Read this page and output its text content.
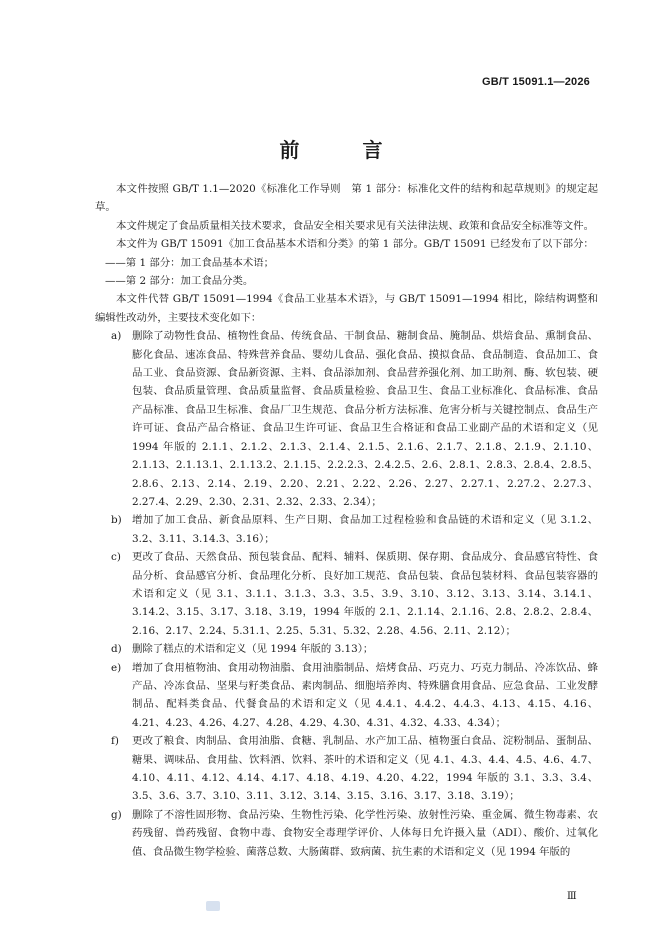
GB/T 15091.1—2026
前 言

本文件按照 GB/T 1.1—2020《标准化工作导则　第 1 部分：标准化文件的结构和起草规则》的规定起草。

本文件规定了食品质量相关技术要求，食品安全相关要求见有关法律法规、政策和食品安全标准等文件。

本文件为 GB/T 15091《加工食品基本术语和分类》的第 1 部分。GB/T 15091 已经发布了以下部分：

——第 1 部分：加工食品基本术语；

——第 2 部分：加工食品分类。

本文件代替 GB/T 15091—1994《食品工业基本术语》，与 GB/T 15091—1994 相比，除结构调整和编辑性改动外，主要技术变化如下：

a) 删除了动物性食品、植物性食品、传统食品、干制食品、糖制食品、腌制品、烘焙食品、熏制食品、膨化食品、速冻食品、特殊营养食品、婴幼儿食品、强化食品、摸拟食品、食品制造、食品加工、食品工业、食品资源、食品新资源、主料、食品添加剂、食品营养强化剂、加工助剂、酶、软包装、硬包装、食品质量管理、食品质量监督、食品质量检验、食品卫生、食品工业标准化、食品标准、食品产品标准、食品卫生标准、食品厂卫生规范、食品分析方法标准、危害分析与关键控制点、食品生产许可证、食品产品合格证、食品卫生许可证、食品卫生合格证和食品工业副产品的术语和定义（见 1994 年版的 2.1.1、2.1.2、2.1.3、2.1.4、2.1.5、2.1.6、2.1.7、2.1.8、2.1.9、2.1.10、2.1.13、2.1.13.1、2.1.13.2、2.1.15、2.2.2.3、2.4.2.5、2.6、2.8.1、2.8.3、2.8.4、2.8.5、2.8.6、2.13、2.14、2.19、2.20、2.21、2.22、2.26、2.27、2.27.1、2.27.2、2.27.3、2.27.4、2.29、2.30、2.31、2.32、2.33、2.34）；
b) 增加了加工食品、新食品原料、生产日期、食品加工过程检验和食品链的术语和定义（见 3.1.2、3.2、3.11、3.14.3、3.16）；
c) 更改了食品、天然食品、预包装食品、配料、辅料、保质期、保存期、食品成分、食品感官特性、食品分析、食品感官分析、食品理化分析、良好加工规范、食品包装、食品包装材料、食品包装容器的术语和定义（见 3.1、3.1.1、3.1.3、3.3、3.5、3.9、3.10、3.12、3.13、3.14、3.14.1、3.14.2、3.15、3.17、3.18、3.19，1994 年版的 2.1、2.1.14、2.1.16、2.8、2.8.2、2.8.4、2.16、2.17、2.24、5.31.1、2.25、5.31、5.32、2.28、4.56、2.11、2.12）；
d) 删除了糕点的术语和定义（见 1994 年版的 3.13）；
e) 增加了食用植物油、食用动物油脂、食用油脂制品、焙烤食品、巧克力、巧克力制品、冷冻饮品、蜂产品、冷冻食品、坚果与籽类食品、素肉制品、细胞培养肉、特殊膳食用食品、应急食品、工业发酵制品、配料类食品、代餐食品的术语和定义（见 4.4.1、4.4.2、4.4.3、4.13、4.15、4.16、4.21、4.23、4.26、4.27、4.28、4.29、4.30、4.31、4.32、4.33、4.34）；
f) 更改了粮食、肉制品、食用油脂、食糖、乳制品、水产加工品、植物蛋白食品、淀粉制品、蛋制品、糖果、调味品、食用盐、饮料酒、饮料、茶叶的术语和定义（见 4.1、4.3、4.4、4.5、4.6、4.7、4.10、4.11、4.12、4.14、4.17、4.18、4.19、4.20、4.22，1994 年版的 3.1、3.3、3.4、3.5、3.6、3.7、3.10、3.11、3.12、3.14、3.15、3.16、3.17、3.18、3.19）；
g) 删除了不溶性固形物、食品污染、生物性污染、化学性污染、放射性污染、重金属、微生物毒素、农药残留、兽药残留、食物中毒、食物安全毒理学评价、人体每日允许摄入量（ADI）、酸价、过氧化值、食品微生物学检验、菌落总数、大肠菌群、致病菌、抗生素的术语和定义（见 1994 年版的
Ⅲ
